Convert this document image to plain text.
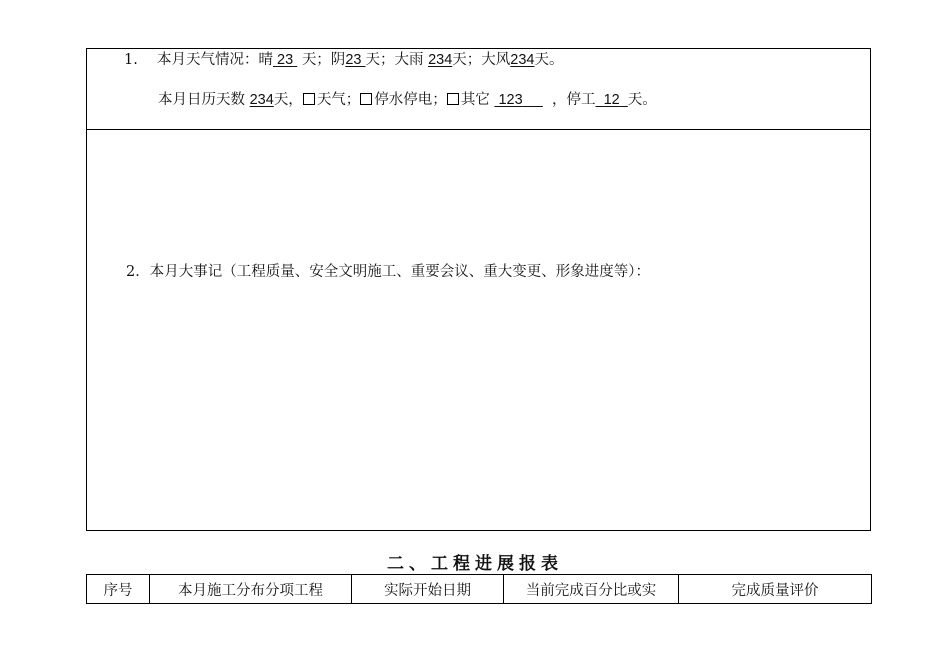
1. 本月天气情况：晴 23 天；阴23 天；大雨 234天；大风234天。
本月日历天数 234天， 天气； 停水停电； 其它 123 ，停工 12 天。
2．本月大事记（工程质量、安全文明施工、重要会议、重大变更、形象进度等）：
二、工程进展报表
序号	本月施工分布分项工程	实际开始日期	当前完成百分比或实	完成质量评价
